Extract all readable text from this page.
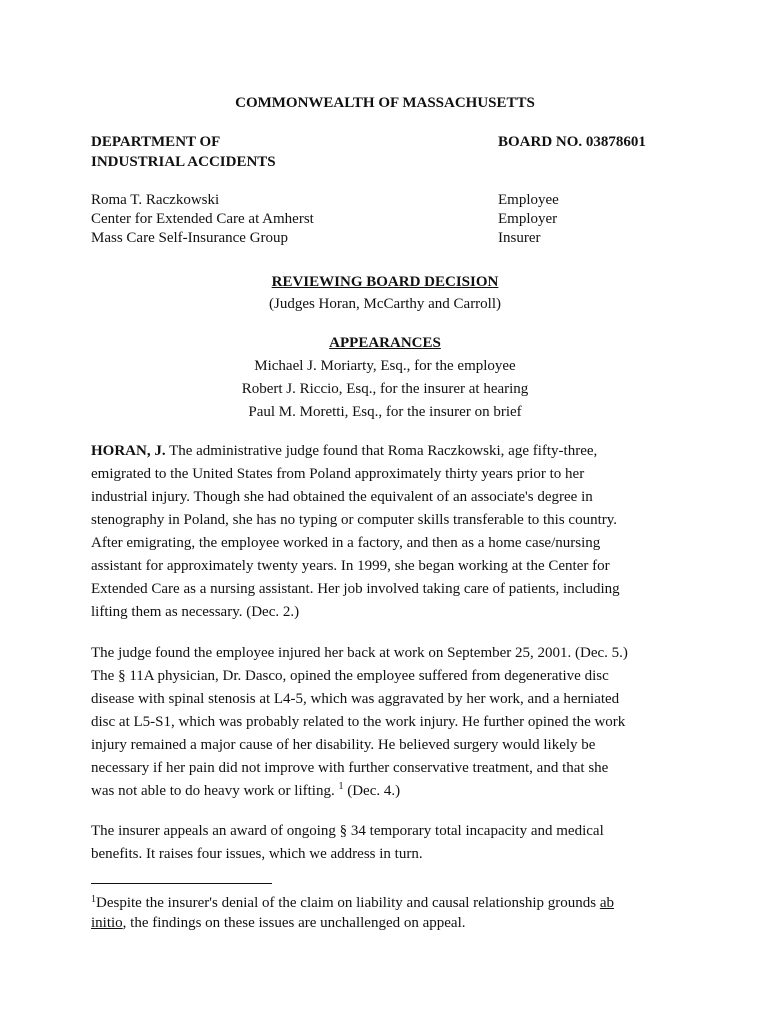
COMMONWEALTH OF MASSACHUSETTS
DEPARTMENT OF
INDUSTRIAL ACCIDENTS
BOARD NO. 03878601
Roma T. Raczkowski	Employee
Center for Extended Care at Amherst	Employer
Mass Care Self-Insurance Group	Insurer
REVIEWING BOARD DECISION
(Judges Horan, McCarthy and Carroll)
APPEARANCES
Michael J. Moriarty, Esq., for the employee
Robert J. Riccio, Esq., for the insurer at hearing
Paul M. Moretti, Esq., for the insurer on brief
HORAN, J. The administrative judge found that Roma Raczkowski, age fifty-three,
emigrated to the United States from Poland approximately thirty years prior to her
industrial injury. Though she had obtained the equivalent of an associate's degree in
stenography in Poland, she has no typing or computer skills transferable to this country.
After emigrating, the employee worked in a factory, and then as a home case/nursing
assistant for approximately twenty years. In 1999, she began working at the Center for
Extended Care as a nursing assistant. Her job involved taking care of patients, including
lifting them as necessary. (Dec. 2.)
The judge found the employee injured her back at work on September 25, 2001. (Dec. 5.)
The § 11A physician, Dr. Dasco, opined the employee suffered from degenerative disc
disease with spinal stenosis at L4-5, which was aggravated by her work, and a herniated
disc at L5-S1, which was probably related to the work injury. He further opined the work
injury remained a major cause of her disability. He believed surgery would likely be
necessary if her pain did not improve with further conservative treatment, and that she
was not able to do heavy work or lifting. $^1$ (Dec. 4.)
The insurer appeals an award of ongoing § 34 temporary total incapacity and medical
benefits. It raises four issues, which we address in turn.
$^1$Despite the insurer's denial of the claim on liability and causal relationship grounds ab
initio, the findings on these issues are unchallenged on appeal.
